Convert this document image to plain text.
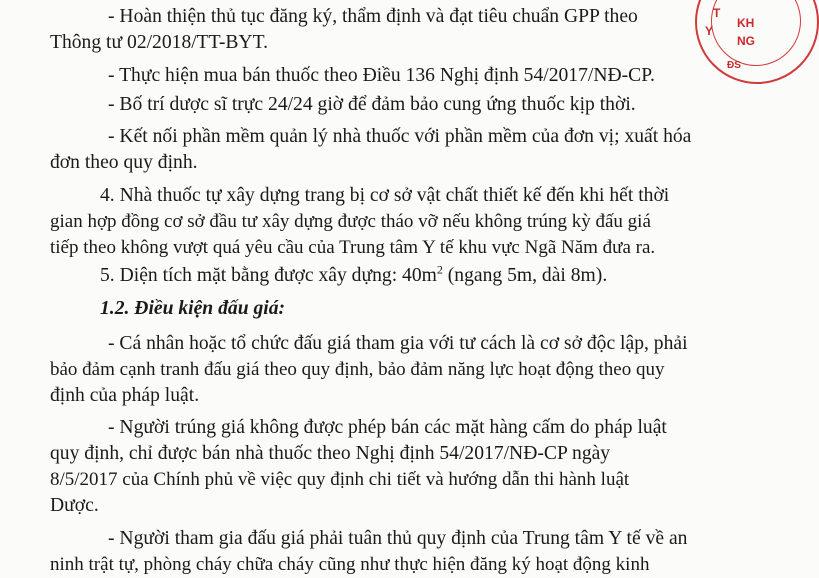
Y
T
KH
NG
ĐS

- Hoàn thiện thủ tục đăng ký, thẩm định và đạt tiêu chuẩn GPP theo

Thông tư 02/2018/TT-BYT.

- Thực hiện mua bán thuốc theo Điều 136 Nghị định 54/2017/NĐ-CP.

- Bố trí dược sĩ trực 24/24 giờ để đảm bảo cung ứng thuốc kịp thời.

- Kết nối phần mềm quản lý nhà thuốc với phần mềm của đơn vị; xuất hóa

đơn theo quy định.

4. Nhà thuốc tự xây dựng trang bị cơ sở vật chất thiết kế đến khi hết thời

gian hợp đồng cơ sở đầu tư xây dựng được tháo vỡ nếu không trúng kỳ đấu giá

tiếp theo không vượt quá yêu cầu của Trung tâm Y tế khu vực Ngã Năm đưa ra.

5. Diện tích mặt bằng được xây dựng: $40m^2$ (ngang 5m, dài 8m).

1.2. Điều kiện đấu giá:

- Cá nhân hoặc tổ chức đấu giá tham gia với tư cách là cơ sở độc lập, phải

bảo đảm cạnh tranh đấu giá theo quy định, bảo đảm năng lực hoạt động theo quy

định của pháp luật.

- Người trúng giá không được phép bán các mặt hàng cấm do pháp luật

quy định, chỉ được bán nhà thuốc theo Nghị định 54/2017/NĐ-CP ngày

8/5/2017 của Chính phủ về việc quy định chi tiết và hướng dẫn thi hành luật

Dược.

- Người tham gia đấu giá phải tuân thủ quy định của Trung tâm Y tế về an

ninh trật tự, phòng cháy chữa cháy cũng như thực hiện đăng ký hoạt động kinh
